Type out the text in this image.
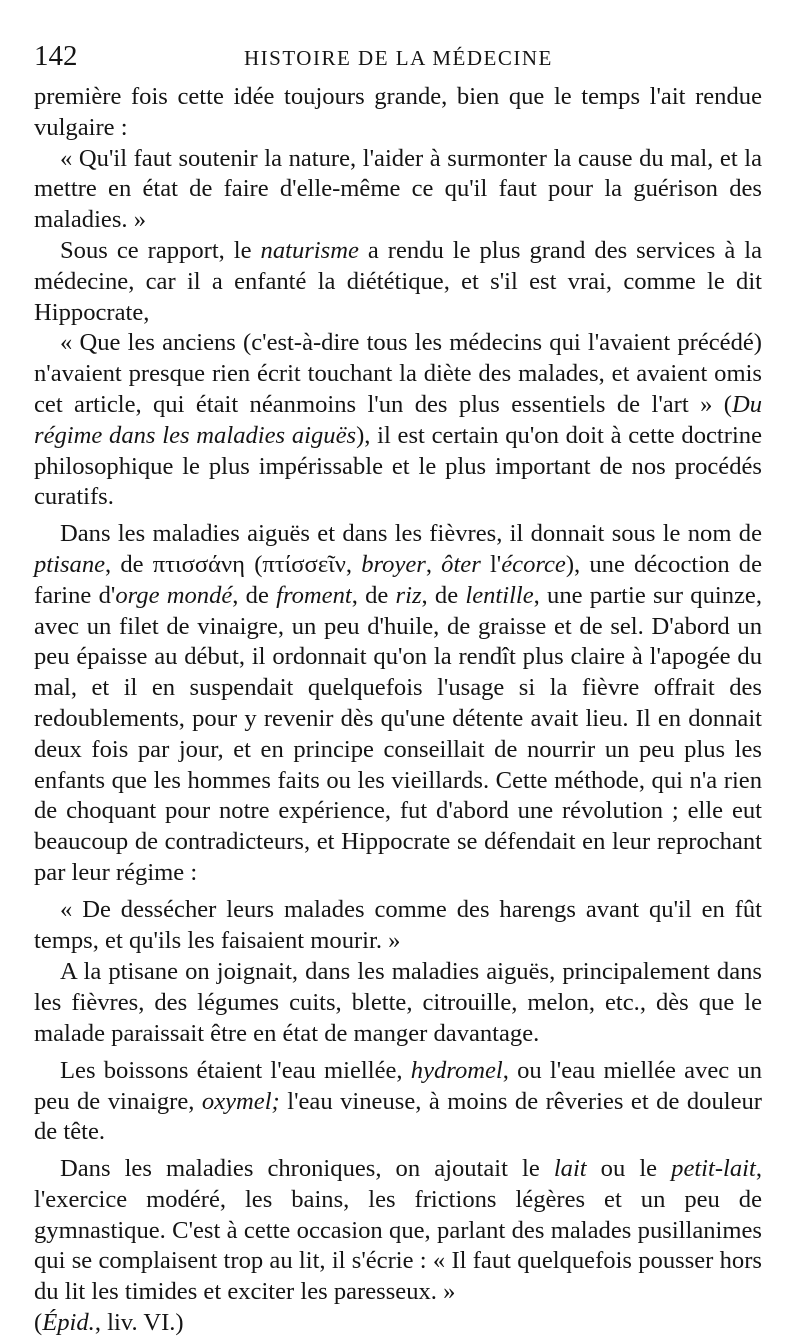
142	HISTOIRE DE LA MÉDECINE

première fois cette idée toujours grande, bien que le temps l'ait rendue vulgaire :

« Qu'il faut soutenir la nature, l'aider à surmonter la cause du mal, et la mettre en état de faire d'elle-même ce qu'il faut pour la guérison des maladies. »

Sous ce rapport, le naturisme a rendu le plus grand des services à la médecine, car il a enfanté la diététique, et s'il est vrai, comme le dit Hippocrate,

« Que les anciens (c'est-à-dire tous les médecins qui l'avaient précédé) n'avaient presque rien écrit touchant la diète des malades, et avaient omis cet article, qui était néanmoins l'un des plus essentiels de l'art » (Du régime dans les maladies aiguës), il est certain qu'on doit à cette doctrine philosophique le plus impérissable et le plus important de nos procédés curatifs.

Dans les maladies aiguës et dans les fièvres, il donnait sous le nom de ptisane, de πτισσάνη (πτίσσεῖν, broyer, ôter l'écorce), une décoction de farine d'orge mondé, de froment, de riz, de lentille, une partie sur quinze, avec un filet de vinaigre, un peu d'huile, de graisse et de sel. D'abord un peu épaisse au début, il ordonnait qu'on la rendît plus claire à l'apogée du mal, et il en suspendait quelquefois l'usage si la fièvre offrait des redoublements, pour y revenir dès qu'une détente avait lieu. Il en donnait deux fois par jour, et en principe conseillait de nourrir un peu plus les enfants que les hommes faits ou les vieillards. Cette méthode, qui n'a rien de choquant pour notre expérience, fut d'abord une révolution ; elle eut beaucoup de contradicteurs, et Hippocrate se défendait en leur reprochant par leur régime :

« De dessécher leurs malades comme des harengs avant qu'il en fût temps, et qu'ils les faisaient mourir. »

A la ptisane on joignait, dans les maladies aiguës, principalement dans les fièvres, des légumes cuits, blette, citrouille, melon, etc., dès que le malade paraissait être en état de manger davantage.

Les boissons étaient l'eau miellée, hydromel, ou l'eau miellée avec un peu de vinaigre, oxymel; l'eau vineuse, à moins de rêveries et de douleur de tête.

Dans les maladies chroniques, on ajoutait le lait ou le petit-lait, l'exercice modéré, les bains, les frictions légères et un peu de gymnastique. C'est à cette occasion que, parlant des malades pusillanimes qui se complaisent trop au lit, il s'écrie : « Il faut quelquefois pousser hors du lit les timides et exciter les paresseux. »

(Épid., liv. VI.)
